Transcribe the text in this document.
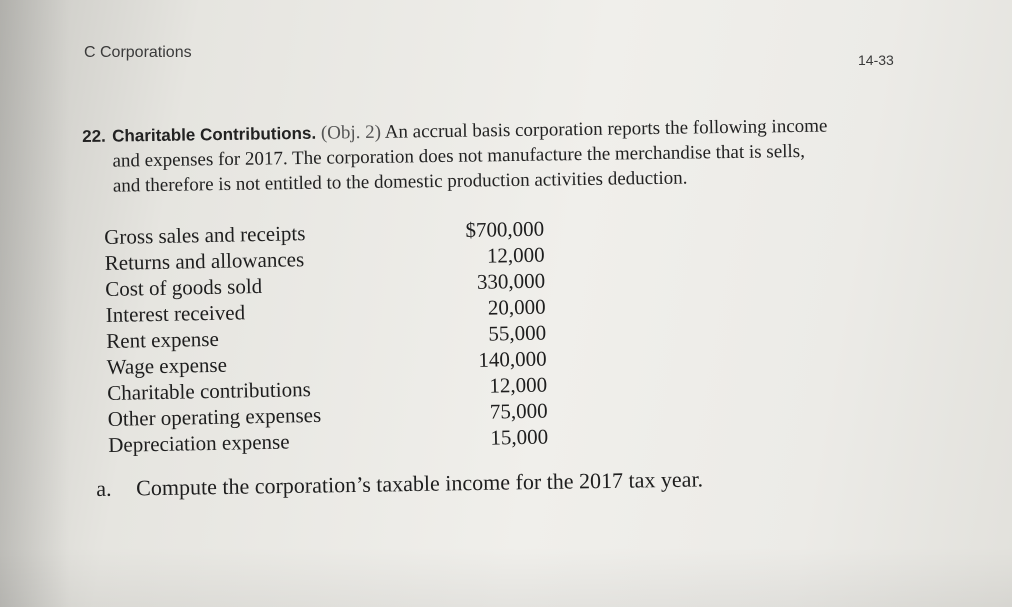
C Corporations	14-33
22. Charitable Contributions. (Obj. 2) An accrual basis corporation reports the following income
and expenses for 2017. The corporation does not manufacture the merchandise that is sells,
and therefore is not entitled to the domestic production activities deduction.
Gross sales and receipts	$700,000
Returns and allowances	12,000
Cost of goods sold	330,000
Interest received	20,000
Rent expense	55,000
Wage expense	140,000
Charitable contributions	12,000
Other operating expenses	75,000
Depreciation expense	15,000
a. Compute the corporation’s taxable income for the 2017 tax year.
